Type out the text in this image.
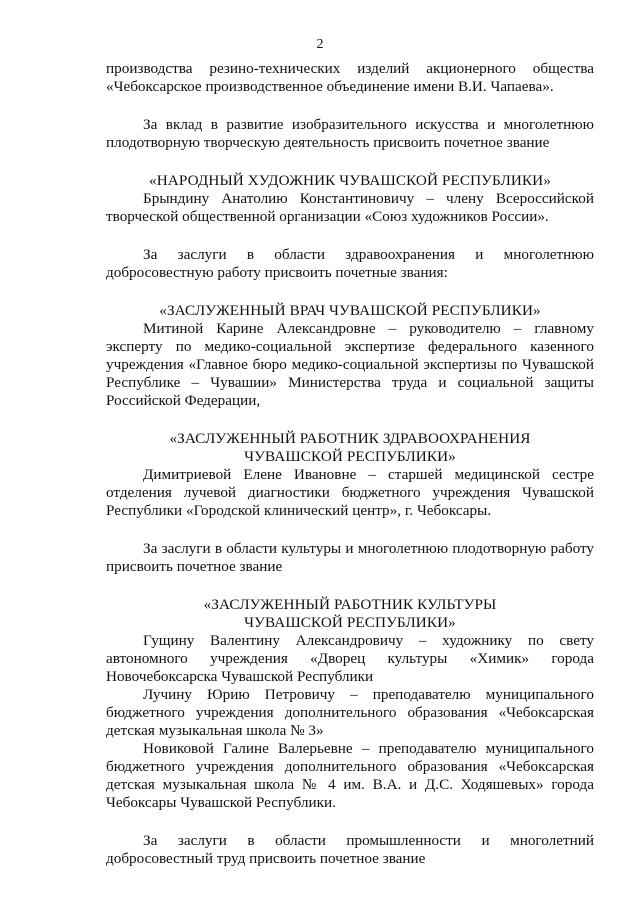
2

производства резино-технических изделий акционерного общества «Чебоксарское производственное объединение имени В.И. Чапаева».

За вклад в развитие изобразительного искусства и многолетнюю плодотворную творческую деятельность присвоить почетное звание

«НАРОДНЫЙ ХУДОЖНИК ЧУВАШСКОЙ РЕСПУБЛИКИ»

Брындину Анатолию Константиновичу – члену Всероссийской творческой общественной организации «Союз художников России».

За заслуги в области здравоохранения и многолетнюю добросовестную работу присвоить почетные звания:

«ЗАСЛУЖЕННЫЙ ВРАЧ ЧУВАШСКОЙ РЕСПУБЛИКИ»

Митиной Карине Александровне – руководителю – главному эксперту по медико-социальной экспертизе федерального казенного учреждения «Главное бюро медико-социальной экспертизы по Чувашской Республике – Чувашии» Министерства труда и социальной защиты Российской Федерации,

«ЗАСЛУЖЕННЫЙ РАБОТНИК ЗДРАВООХРАНЕНИЯ

ЧУВАШСКОЙ РЕСПУБЛИКИ»

Димитриевой Елене Ивановне – старшей медицинской сестре отделения лучевой диагностики бюджетного учреждения Чувашской Республики «Городской клинический центр», г. Чебоксары.

За заслуги в области культуры и многолетнюю плодотворную работу присвоить почетное звание

«ЗАСЛУЖЕННЫЙ РАБОТНИК КУЛЬТУРЫ

ЧУВАШСКОЙ РЕСПУБЛИКИ»

Гущину Валентину Александровичу – художнику по свету автономного учреждения «Дворец культуры «Химик» города Новочебоксарска Чувашской Республики

Лучину Юрию Петровичу – преподавателю муниципального бюджетного учреждения дополнительного образования «Чебоксарская детская музыкальная школа № 3»

Новиковой Галине Валерьевне – преподавателю муниципального бюджетного учреждения дополнительного образования «Чебоксарская детская музыкальная школа № 4 им. В.А. и Д.С. Ходяшевых» города Чебоксары Чувашской Республики.

За заслуги в области промышленности и многолетний добросовестный труд присвоить почетное звание
